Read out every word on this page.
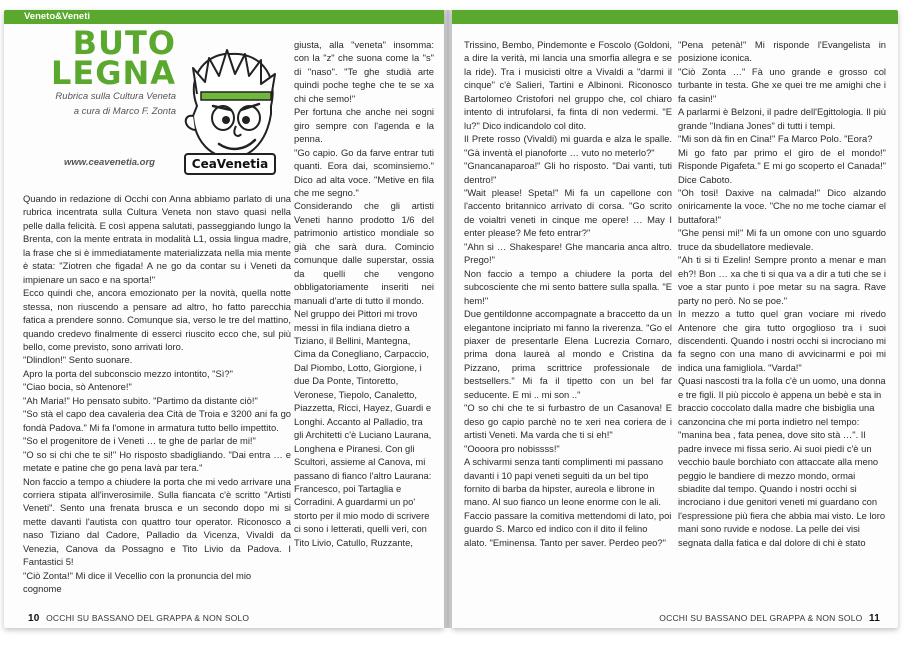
Veneto&Veneti
BUTO
LEGNA
Rubrica sulla Cultura Veneta
a cura di Marco F. Zonta
www.ceavenetia.org	CeaVenetia

Quando in redazione di Occhi con Anna abbiamo parlato di una rubrica incentrata sulla Cultura Veneta non stavo quasi nella pelle dalla felicità. E così appena salutati, passeggiando lungo la Brenta, con la mente entrata in modalità L1, ossia lingua madre, la frase che si è immediatamente materializzata nella mia mente è stata: "Ziotren che figada! A ne go da contar su i Veneti da impienare un saco e na sporta!"

Ecco quindi che, ancora emozionato per la novità, quella notte stessa, non riuscendo a pensare ad altro, ho fatto parecchia fatica a prendere sonno. Comunque sia, verso le tre del mattino, quando credevo finalmente di esserci riuscito ecco che, sul più bello, come previsto, sono arrivati loro.

"Dlindlon!" Sento suonare.

Apro la porta del subconscio mezzo intontito, "Sì?"

"Ciao bocia, sò Antenore!"

"Ah Maria!" Ho pensato subito. "Partimo da distante ciò!"

"So stà el capo dea cavaleria dea Cità de Troia e 3200 ani fa go fondà Padova." Mi fa l'omone in armatura tutto bello impettito.

"So el progenitore de i Veneti … te ghe de parlar de mi!"

"O so si chi che te si!" Ho risposto sbadigliando. "Dai entra … e metate e patine che go pena lavà par tera."

Non faccio a tempo a chiudere la porta che mi vedo arrivare una corriera stipata all'inverosimile. Sulla fiancata c'è scritto "Artisti Veneti". Sento una frenata brusca e un secondo dopo mi si mette davanti l'autista con quattro tour operator. Riconosco a naso Tiziano dal Cadore, Palladio da Vicenza, Vivaldi da Venezia, Canova da Possagno e Tito Livio da Padova. I Fantastici 5!

"Ciò Zonta!" Mi dice il Vecellio con la pronuncia del mio cognome

giusta, alla "veneta" insomma: con la "z" che suona come la "s" di "naso". "Te ghe studià arte quindi poche teghe che te se xa chi che semo!"

Per fortuna che anche nei sogni giro sempre con l'agenda e la penna.

"Go capio. Go da farve entrar tuti quanti. Eora dai, scominsiemo." Dico ad alta voce. "Metive en fila che me segno."

Considerando che gli artisti Veneti hanno prodotto 1/6 del patrimonio artistico mondiale so già che sarà dura. Comincio comunque dalle superstar, ossia da quelli che vengono obbligatoriamente inseriti nei manuali d'arte di tutto il mondo.

Nel gruppo dei Pittori mi trovo messi in fila indiana dietro a Tiziano, il Bellini, Mantegna, Cima da Conegliano, Carpaccio, Dal Piombo, Lotto, Giorgione, i due Da Ponte, Tintoretto, Veronese, Tiepolo, Canaletto, Piazzetta, Ricci, Hayez, Guardi e Longhi. Accanto al Palladio, tra gli Architetti c'è Luciano Laurana, Longhena e Piranesi. Con gli Scultori, assieme al Canova, mi passano di fianco l'altro Laurana: Francesco, poi Tartaglia e Corradini. A guardarmi un po' storto per il mio modo di scrivere ci sono i letterati, quelli veri, con Tito Livio, Catullo, Ruzzante,

10 OCCHI SU BASSANO DEL GRAPPA & NON SOLO

Trissino, Bembo, Pindemonte e Foscolo (Goldoni, a dire la verità, mi lancia una smorfia allegra e se la ride). Tra i musicisti oltre a Vivaldi a "darmi il cinque" c'è Salieri, Tartini e Albinoni. Riconosco Bartolomeo Cristofori nel gruppo che, col chiaro intento di intrufolarsi, fa finta di non vedermi. "E lu?" Dico indicandolo col dito.

Il Prete rosso (Vivaldi) mi guarda e alza le spalle. "Gà inventà el pianoforte … vuto no meterlo?"

"Gnancanaparoa!" Gli ho risposto. "Dai vanti, tuti dentro!"

"Wait please! Speta!" Mi fa un capellone con l'accento britannico arrivato di corsa. "Go scrito de voialtri veneti in cinque me opere! … May I enter please? Me feto entrar?"

"Ahn si … Shakespare! Ghe mancaria anca altro. Prego!"

Non faccio a tempo a chiudere la porta del subcosciente che mi sento battere sulla spalla. "E hem!"

Due gentildonne accompagnate a braccetto da un elegantone incipriato mi fanno la riverenza. "Go el piaxer de presentarle Elena Lucrezia Cornaro, prima dona laureà al mondo e Cristina da Pizzano, prima scrittrice professionale de bestsellers." Mi fa il tipetto con un bel far seducente. E mi .. mi son .."

"O so chi che te si furbastro de un Casanova! E deso go capio parchè no te xeri nea coriera de i artisti Veneti. Ma varda che ti si eh!"

"Oooora pro nobissss!"

A schivarmi senza tanti complimenti mi passano davanti i 10 papi veneti seguiti da un bel tipo fornito di barba da hipster, aureola e librone in mano. Al suo fianco un leone enorme con le ali. Faccio passare la comitiva mettendomi di lato, poi guardo S. Marco ed indico con il dito il felino alato. "Eminensa. Tanto per saver. Perdeo peo?"

"Pena petenà!" Mi risponde l'Evangelista in posizione iconica.

"Ciò Zonta …" Fà uno grande e grosso col turbante in testa. Ghe xe quei tre me amighi che i fa casin!"

A parlarmi è Belzoni, il padre dell'Egittologia. Il più grande "Indiana Jones" di tutti i tempi.

"Mi son dà fin en Cina!" Fa Marco Polo. "Eora?

Mi go fato par primo el giro de el mondo!" Risponde Pigafeta." E mi go scoperto el Canada!" Dice Caboto.

"Oh tosi! Daxive na calmada!" Dico alzando oniricamente la voce. "Che no me toche ciamar el buttafora!"

"Ghe pensi mi!" Mi fa un omone con uno sguardo truce da sbudellatore medievale.

"Ah ti si ti Ezelin! Sempre pronto a menar e man eh?! Bon … xa che ti si qua va a dir a tuti che se i voe a star punto i poe metar su na sagra. Rave party no però. No se poe."

In mezzo a tutto quel gran vociare mi rivedo Antenore che gira tutto orgoglioso tra i suoi discendenti. Quando i nostri occhi si incrociano mi fa segno con una mano di avvicinarmi e poi mi indica una famigliola. "Varda!"

Quasi nascosti tra la folla c'è un uomo, una donna e tre figli. Il più piccolo è appena un bebè e sta in braccio coccolato dalla madre che bisbiglia una canzoncina che mi porta indietro nel tempo: "manina bea , fata penea, dove sito stà …". Il padre invece mi fissa serio. Ai suoi piedi c'è un vecchio baule borchiato con attaccate alla meno peggio le bandiere di mezzo mondo, ormai sbiadite dal tempo. Quando i nostri occhi si incrociano i due genitori veneti mi guardano con l'espressione più fiera che abbia mai visto. Le loro mani sono ruvide e nodose. La pelle dei visi segnata dalla fatica e dal dolore di chi è stato

OCCHI SU BASSANO DEL GRAPPA & NON SOLO 11
